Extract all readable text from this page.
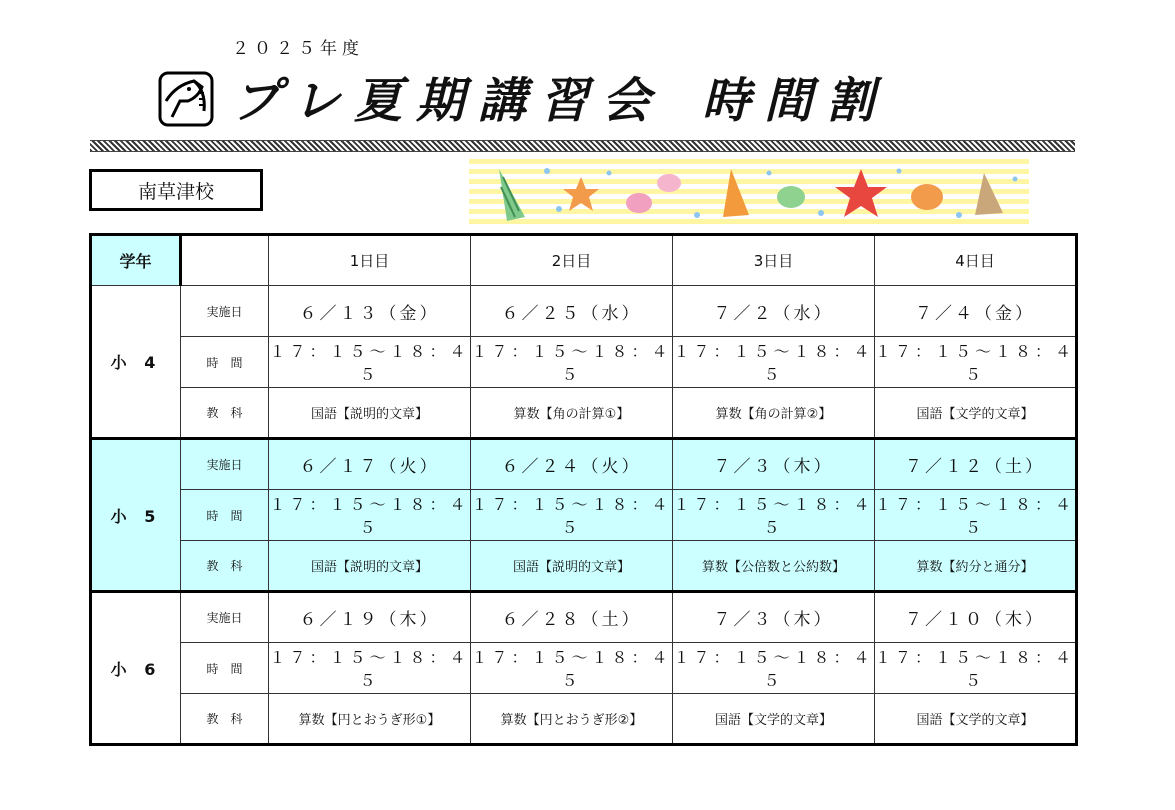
２０２５年度
プレ夏期講習会 時間割
南草津校
学年		1日目	2日目	3日目	4日目
小 4	実施日	６／１３（金）	６／２５（水）	７／２（水）	７／４（金）
	時　間	１７：１５～１８：４５	１７：１５～１８：４５	１７：１５～１８：４５	１７：１５～１８：４５
	教　科	国語【説明的文章】	算数【角の計算①】	算数【角の計算②】	国語【文学的文章】
小 5	実施日	６／１７（火）	６／２４（火）	７／３（木）	７／１２（土）
	時　間	１７：１５～１８：４５	１７：１５～１８：４５	１７：１５～１８：４５	１７：１５～１８：４５
	教　科	国語【説明的文章】	国語【説明的文章】	算数【公倍数と公約数】	算数【約分と通分】
小 6	実施日	６／１９（木）	６／２８（土）	７／３（木）	７／１０（木）
	時　間	１７：１５～１８：４５	１７：１５～１８：４５	１７：１５～１８：４５	１７：１５～１８：４５
	教　科	算数【円とおうぎ形①】	算数【円とおうぎ形②】	国語【文学的文章】	国語【文学的文章】
